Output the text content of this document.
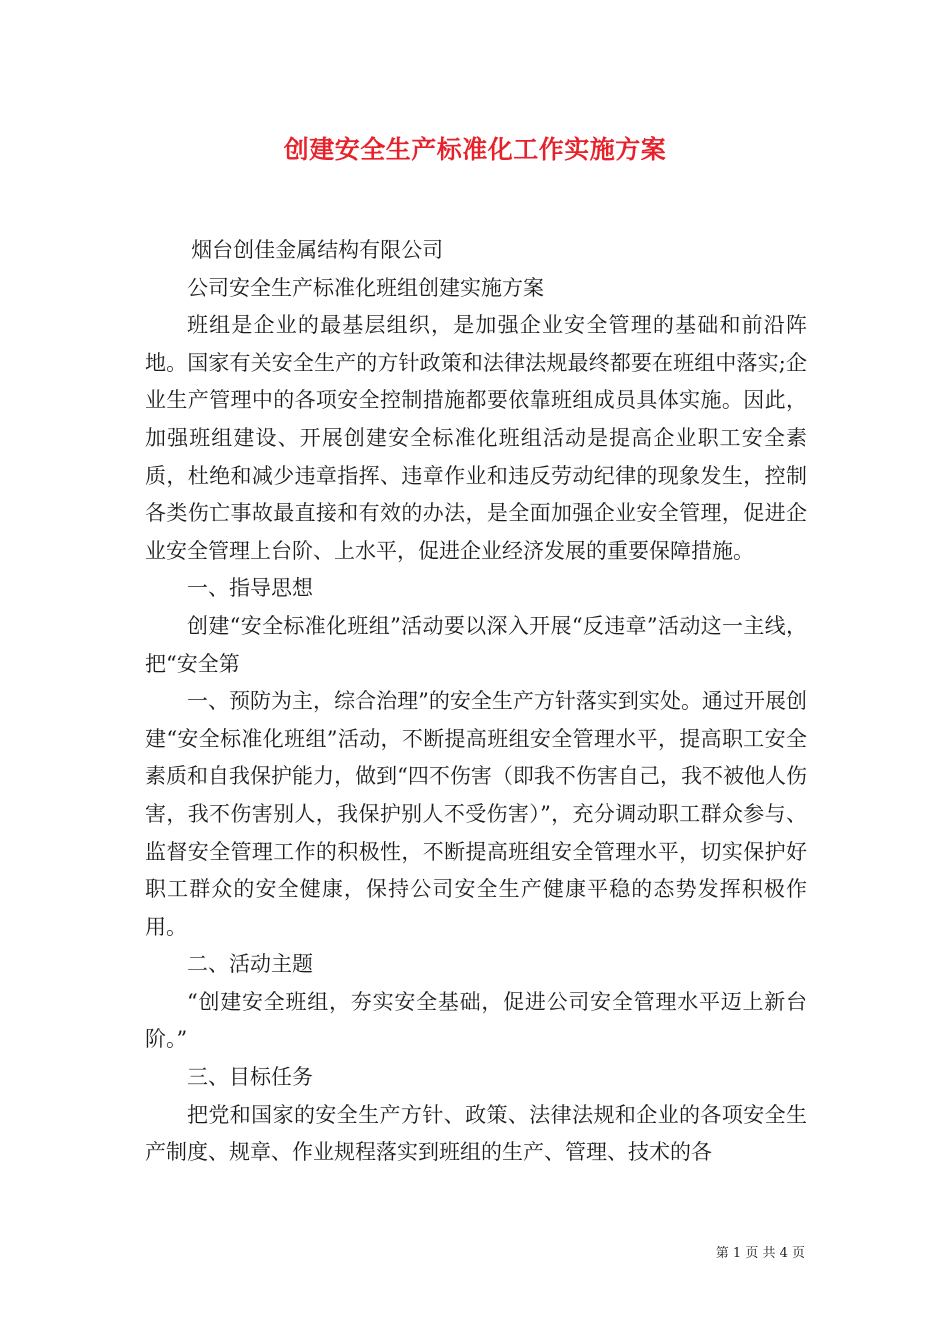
创建安全生产标准化工作实施方案

烟台创佳金属结构有限公司

公司安全生产标准化班组创建实施方案

班组是企业的最基层组织，是加强企业安全管理的基础和前沿阵地。国家有关安全生产的方针政策和法律法规最终都要在班组中落实;企业生产管理中的各项安全控制措施都要依靠班组成员具体实施。因此，加强班组建设、开展创建安全标准化班组活动是提高企业职工安全素质，杜绝和减少违章指挥、违章作业和违反劳动纪律的现象发生，控制各类伤亡事故最直接和有效的办法，是全面加强企业安全管理，促进企业安全管理上台阶、上水平，促进企业经济发展的重要保障措施。

一、指导思想

创建“安全标准化班组”活动要以深入开展“反违章”活动这一主线，把“安全第

一、预防为主，综合治理”的安全生产方针落实到实处。通过开展创建“安全标准化班组”活动，不断提高班组安全管理水平，提高职工安全素质和自我保护能力，做到“四不伤害（即我不伤害自己，我不被他人伤害，我不伤害别人，我保护别人不受伤害）”，充分调动职工群众参与、监督安全管理工作的积极性，不断提高班组安全管理水平，切实保护好职工群众的安全健康，保持公司安全生产健康平稳的态势发挥积极作用。

二、活动主题

“创建安全班组，夯实安全基础，促进公司安全管理水平迈上新台阶。”

三、目标任务

把党和国家的安全生产方针、政策、法律法规和企业的各项安全生产制度、规章、作业规程落实到班组的生产、管理、技术的各

第 1 页 共 4 页
